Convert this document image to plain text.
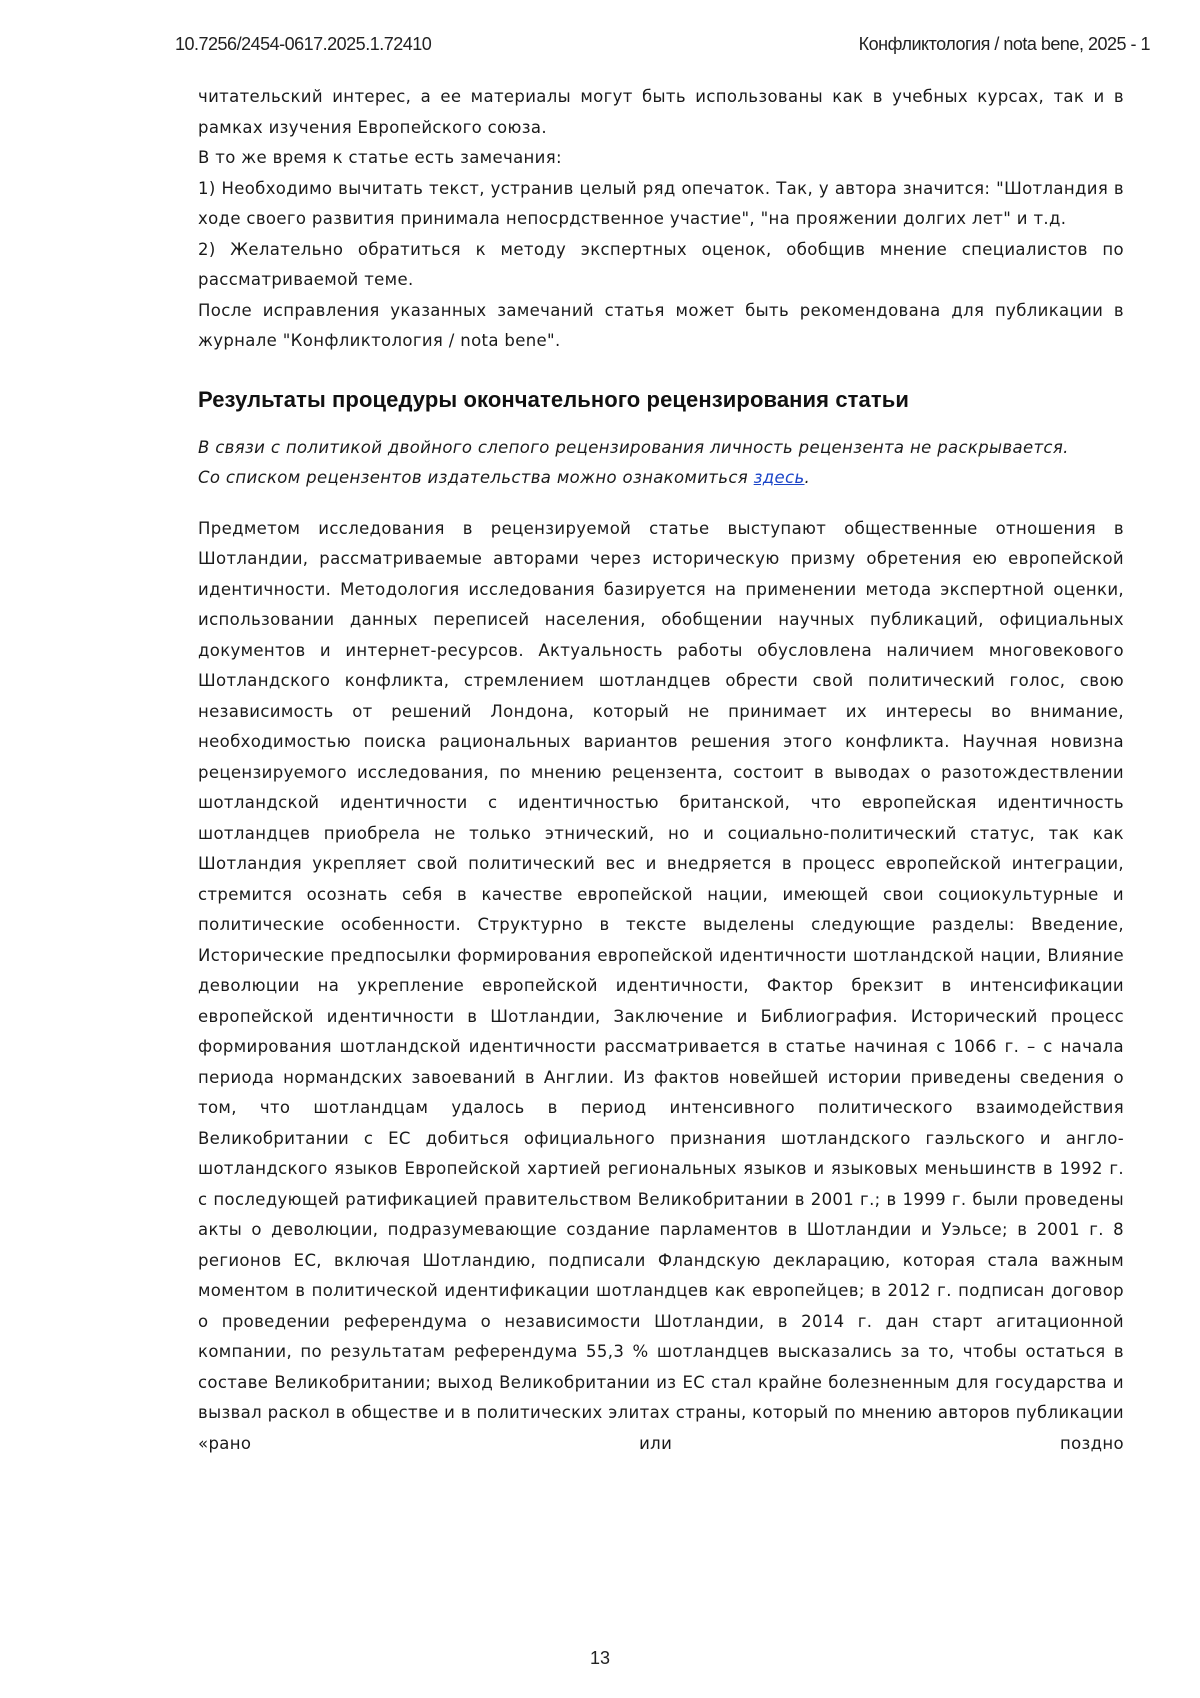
10.7256/2454-0617.2025.1.72410	Конфликтология / nota bene, 2025 - 1

читательский интерес, а ее материалы могут быть использованы как в учебных курсах, так и в рамках изучения Европейского союза.

В то же время к статье есть замечания:

1) Необходимо вычитать текст, устранив целый ряд опечаток. Так, у автора значится: "Шотландия в ходе своего развития принимала непосрдственное участие", "на прояжении долгих лет" и т.д.

2) Желательно обратиться к методу экспертных оценок, обобщив мнение специалистов по рассматриваемой теме.

После исправления указанных замечаний статья может быть рекомендована для публикации в журнале "Конфликтология / nota bene".

Результаты процедуры окончательного рецензирования статьи

В связи с политикой двойного слепого рецензирования личность рецензента не раскрывается.

Со списком рецензентов издательства можно ознакомиться здесь.

Предметом исследования в рецензируемой статье выступают общественные отношения в Шотландии, рассматриваемые авторами через историческую призму обретения ею европейской идентичности. Методология исследования базируется на применении метода экспертной оценки, использовании данных переписей населения, обобщении научных публикаций, официальных документов и интернет-ресурсов. Актуальность работы обусловлена наличием многовекового Шотландского конфликта, стремлением шотландцев обрести свой политический голос, свою независимость от решений Лондона, который не принимает их интересы во внимание, необходимостью поиска рациональных вариантов решения этого конфликта. Научная новизна рецензируемого исследования, по мнению рецензента, состоит в выводах о разотождествлении шотландской идентичности с идентичностью британской, что европейская идентичность шотландцев приобрела не только этнический, но и социально-политический статус, так как Шотландия укрепляет свой политический вес и внедряется в процесс европейской интеграции, стремится осознать себя в качестве европейской нации, имеющей свои социокультурные и политические особенности. Структурно в тексте выделены следующие разделы: Введение, Исторические предпосылки формирования европейской идентичности шотландской нации, Влияние деволюции на укрепление европейской идентичности, Фактор брекзит в интенсификации европейской идентичности в Шотландии, Заключение и Библиография. Исторический процесс формирования шотландской идентичности рассматривается в статье начиная с 1066 г. – с начала периода нормандских завоеваний в Англии. Из фактов новейшей истории приведены сведения о том, что шотландцам удалось в период интенсивного политического взаимодействия Великобритании с ЕС добиться официального признания шотландского гаэльского и англо-шотландского языков Европейской хартией региональных языков и языковых меньшинств в 1992 г. с последующей ратификацией правительством Великобритании в 2001 г.; в 1999 г. были проведены акты о деволюции, подразумевающие создание парламентов в Шотландии и Уэльсе; в 2001 г. 8 регионов ЕС, включая Шотландию, подписали Фландскую декларацию, которая стала важным моментом в политической идентификации шотландцев как европейцев; в 2012 г. подписан договор о проведении референдума о независимости Шотландии, в 2014 г. дан старт агитационной компании, по результатам референдума 55,3 % шотландцев высказались за то, чтобы остаться в составе Великобритании; выход Великобритании из ЕС стал крайне болезненным для государства и вызвал раскол в обществе и в политических элитах страны, который по мнению авторов публикации «рано или поздно

13
